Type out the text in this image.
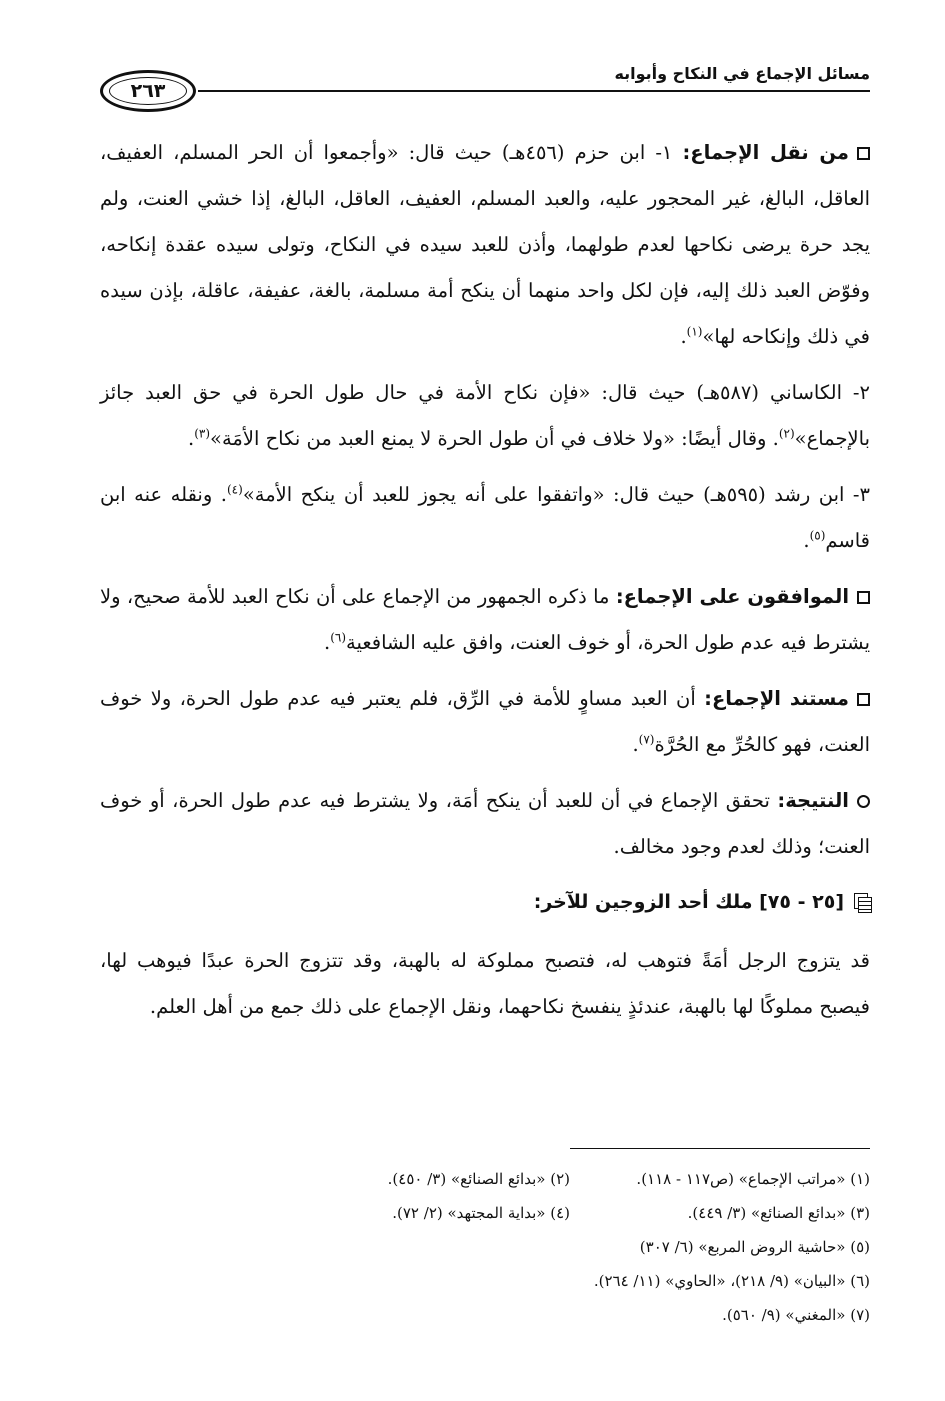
مسائل الإجماع في النكاح وأبوابه
٢٦٣

من نقل الإجماع: ١- ابن حزم (٤٥٦هـ) حيث قال: «وأجمعوا أن الحر المسلم، العفيف، العاقل، البالغ، غير المحجور عليه، والعبد المسلم، العفيف، العاقل، البالغ، إذا خشي العنت، ولم يجد حرة يرضى نكاحها لعدم طولهما، وأذن للعبد سيده في النكاح، وتولى سيده عقدة إنكاحه، وفوّض العبد ذلك إليه، فإن لكل واحد منهما أن ينكح أمة مسلمة، بالغة، عفيفة، عاقلة، بإذن سيده في ذلك وإنكاحه لها»$^{(١)}$.

٢- الكاساني (٥٨٧هـ) حيث قال: «فإن نكاح الأمة في حال طول الحرة في حق العبد جائز بالإجماع»$^{(٢)}$. وقال أيضًا: «ولا خلاف في أن طول الحرة لا يمنع العبد من نكاح الأمَة»$^{(٣)}$.

٣- ابن رشد (٥٩٥هـ) حيث قال: «واتفقوا على أنه يجوز للعبد أن ينكح الأمة»$^{(٤)}$. ونقله عنه ابن قاسم$^{(٥)}$.

الموافقون على الإجماع: ما ذكره الجمهور من الإجماع على أن نكاح العبد للأمة صحيح، ولا يشترط فيه عدم طول الحرة، أو خوف العنت، وافق عليه الشافعية$^{(٦)}$.

مستند الإجماع: أن العبد مساوٍ للأمة في الرِّق، فلم يعتبر فيه عدم طول الحرة، ولا خوف العنت، فهو كالحُرِّ مع الحُرَّة$^{(٧)}$.

النتيجة: تحقق الإجماع في أن للعبد أن ينكح أمَة، ولا يشترط فيه عدم طول الحرة، أو خوف العنت؛ وذلك لعدم وجود مخالف.

[٢٥ - ٧٥] ملك أحد الزوجين للآخر:

قد يتزوج الرجل أمَةً فتوهب له، فتصبح مملوكة له بالهبة، وقد تتزوج الحرة عبدًا فيوهب لها، فيصبح مملوكًا لها بالهبة، عندئذٍ ينفسخ نكاحهما، ونقل الإجماع على ذلك جمع من أهل العلم.

(١) «مراتب الإجماع» (ص١١٧ - ١١٨).
(٢) «بدائع الصنائع» (٣/ ٤٥٠).
(٣) «بدائع الصنائع» (٣/ ٤٤٩).
(٤) «بداية المجتهد» (٢/ ٧٢).
(٥) «حاشية الروض المربع» (٦/ ٣٠٧)
(٦) «البيان» (٩/ ٢١٨)، «الحاوي» (١١/ ٢٦٤).
(٧) «المغني» (٩/ ٥٦٠).
